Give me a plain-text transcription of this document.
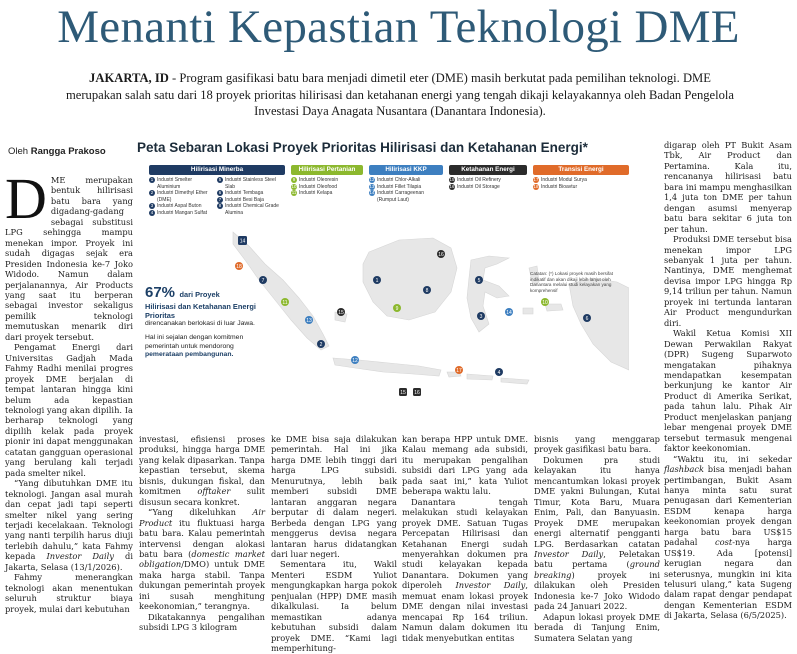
Menanti Kepastian Teknologi DME
JAKARTA, ID - Program gasifikasi batu bara menjadi dimetil eter (DME) masih berkutat pada pemilihan teknologi. DME merupakan salah satu dari 18 proyek prioritas hilirisasi dan ketahanan energi yang tengah dikaji kelayakannya oleh Badan Pengelola Investasi Daya Anagata Nusantara (Danantara Indonesia).
Oleh Rangga Prakoso Peta Sebaran Lokasi Proyek Prioritas Hilirisasi dan Ketahanan Energi*
Hilirisasi Minerba
1 Industri Smelter Aluminium
2 Industri Dimethyl Ether (DME)
3 Industri Aspal Buton
4 Industri Mangan Sulfat
5 Industri Stainless Steel Slab
6 Industri Tembaga
7 Industri Besi Baja
8 Industri Chemical Grade Alumina
Hilirisasi Pertanian
9 Industri Oleoresin
10 Industri Oleofood
11 Industri Kelapa
Hilirisasi KKP
12 Industri Chlor-Alkali
13 Industri Fillet Tilapia
14 Industri Carrageenan (Rumput Laut)
Ketahanan Energi
15 Industri Oil Refinery
16 Industri Oil Storage
Transisi Energi
17 Industri Modul Surya
18 Industri Bioavtur
14
18
7
11
13
2
15
1
9
8
16
5
3
14
10
6
12
17	4
15 16
Catatan: (*) Lokasi proyek masih bersifat indikatif dan akan dikaji lebih lanjut oleh Danantara melalui studi kelayakan yang komprehensif
67% dari Proyek
Hilirisasi dan Ketahanan Energi Prioritas
direncanakan berlokasi di luar Jawa.
Hal ini sejalan dengan komitmen pemerintah untuk mendorong
pemerataan pembangunan.

DME merupakan bentuk hilirisasi batu bara yang digadang-gadang sebagai substitusi LPG sehingga mampu menekan impor. Proyek ini sudah digagas sejak era Presiden Indonesia ke-7 Joko Widodo. Namun dalam perjalanannya, Air Products yang saat itu berperan sebagai investor sekaligus pemilik teknologi memutuskan menarik diri dari proyek tersebut.

Pengamat Energi dari Universitas Gadjah Mada Fahmy Radhi menilai progres proyek DME berjalan di tempat lantaran hingga kini belum ada kepastian teknologi yang akan dipilih. Ia berharap teknologi yang dipilih kelak pada proyek pionir ini dapat menggunakan catatan gangguan operasional yang berulang kali terjadi pada smelter nikel.

“Yang dibutuhkan DME itu teknologi. Jangan asal murah dan cepat jadi tapi seperti smelter nikel yang sering terjadi kecelakaan. Teknologi yang nanti terpilih harus diuji terlebih dahulu,” kata Fahmy kepada Investor Daily di Jakarta, Selasa (13/1/2026).

Fahmy menerangkan teknologi akan menentukan seluruh struktur biaya proyek, mulai dari kebutuhan

investasi, efisiensi proses produksi, hingga harga DME yang kelak dipasarkan. Tanpa kepastian tersebut, skema bisnis, dukungan fiskal, dan komitmen offtaker sulit disusun secara konkret.

“Yang dikeluhkan Air Product itu fluktuasi harga batu bara. Kalau pemerintah intervensi dengan alokasi batu bara (domestic market obligation/DMO) untuk DME maka harga stabil. Tanpa dukungan pemerintah proyek ini susah menghitung keekonomian,” terangnya.

Dikatakannya pengalihan subsidi LPG 3 kilogram

ke DME bisa saja dilakukan pemerintah. Hal ini jika harga DME lebih tinggi dari harga LPG subsidi. Menurutnya, lebih baik memberi subsidi DME lantaran anggaran negara berputar di dalam negeri. Berbeda dengan LPG yang menggerus devisa negara lantaran harus didatangkan dari luar negeri.

Sementara itu, Wakil Menteri ESDM Yuliot mengungkapkan harga pokok penjualan (HPP) DME masih dikalkulasi. Ia belum memastikan adanya kebutuhan subsidi dalam proyek DME. “Kami lagi memperhitung-

kan berapa HPP untuk DME. Kalau memang ada subsidi, itu merupakan pengalihan subsidi dari LPG yang ada pada saat ini,” kata Yuliot beberapa waktu lalu.

Danantara tengah melakukan studi kelayakan proyek DME. Satuan Tugas Percepatan Hilirisasi dan Ketahanan Energi sudah menyerahkan dokumen pra studi kelayakan kepada Danantara. Dokumen yang diperoleh Investor Daily, memuat enam lokasi proyek DME dengan nilai investasi mencapai Rp 164 triliun. Namun dalam dokumen itu tidak menyebutkan entitas

bisnis yang menggarap proyek gasifikasi batu bara.

Dokumen pra studi kelayakan itu hanya mencantumkan lokasi proyek DME yakni Bulungan, Kutai Timur, Kota Baru, Muara Enim, Pali, dan Banyuasin. Proyek DME merupakan energi alternatif pengganti LPG. Berdasarkan catatan Investor Daily, Peletakan batu pertama (ground breaking) proyek ini dilakukan oleh Presiden Indonesia ke-7 Joko Widodo pada 24 Januari 2022.

Adapun lokasi proyek DME berada di Tanjung Enim, Sumatera Selatan yang

digarap oleh PT Bukit Asam Tbk, Air Product dan Pertamina. Kala itu, rencananya hilirisasi batu bara ini mampu menghasilkan 1,4 juta ton DME per tahun dengan asumsi menyerap batu bara sekitar 6 juta ton per tahun.

Produksi DME tersebut bisa menekan impor LPG sebanyak 1 juta per tahun. Nantinya, DME menghemat devisa impor LPG hingga Rp 9,14 triliun per tahun. Namun proyek ini tertunda lantaran Air Product mengundurkan diri.

Wakil Ketua Komisi XII Dewan Perwakilan Rakyat (DPR) Sugeng Suparwoto mengatakan pihaknya mendapatkan kesempatan berkunjung ke kantor Air Product di Amerika Serikat, pada tahun lalu. Pihak Air Product menjelaskan panjang lebar mengenai proyek DME tersebut termasuk mengenai faktor keekonomian.

“Waktu itu, ini sekedar flashback bisa menjadi bahan pertimbangan, Bukit Asam hanya minta satu surat penugasan dari Kementerian ESDM kenapa harga keekonomian proyek dengan harga batu bara US$15 padahal cost-nya harga US$19. Ada [potensi] kerugian negara dan seterusnya, mungkin ini kita telusuri ulang,” kata Sugeng dalam rapat dengar pendapat dengan Kementerian ESDM di Jakarta, Selasa (6/5/2025).
